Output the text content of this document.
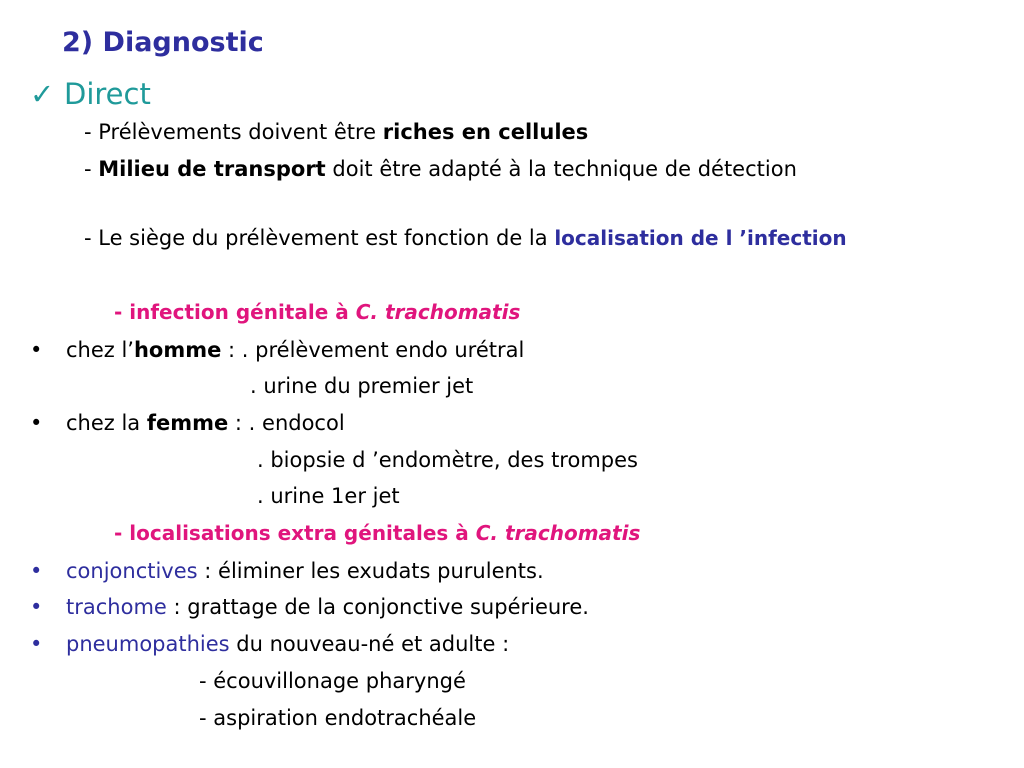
2) Diagnostic
✓ Direct
- Prélèvements doivent être riches en cellules
- Milieu de transport doit être adapté à la technique de détection
- Le siège du prélèvement est fonction de la localisation de l ’infection
- infection génitale à C. trachomatis
• chez l’homme : . prélèvement endo urétral
. urine du premier jet
• chez la femme : . endocol
. biopsie d ’endomètre, des trompes
. urine 1er jet
- localisations extra génitales à C. trachomatis
• conjonctives : éliminer les exudats purulents.
• trachome : grattage de la conjonctive supérieure.
• pneumopathies du nouveau-né et adulte :
- écouvillonage pharyngé
- aspiration endotrachéale
